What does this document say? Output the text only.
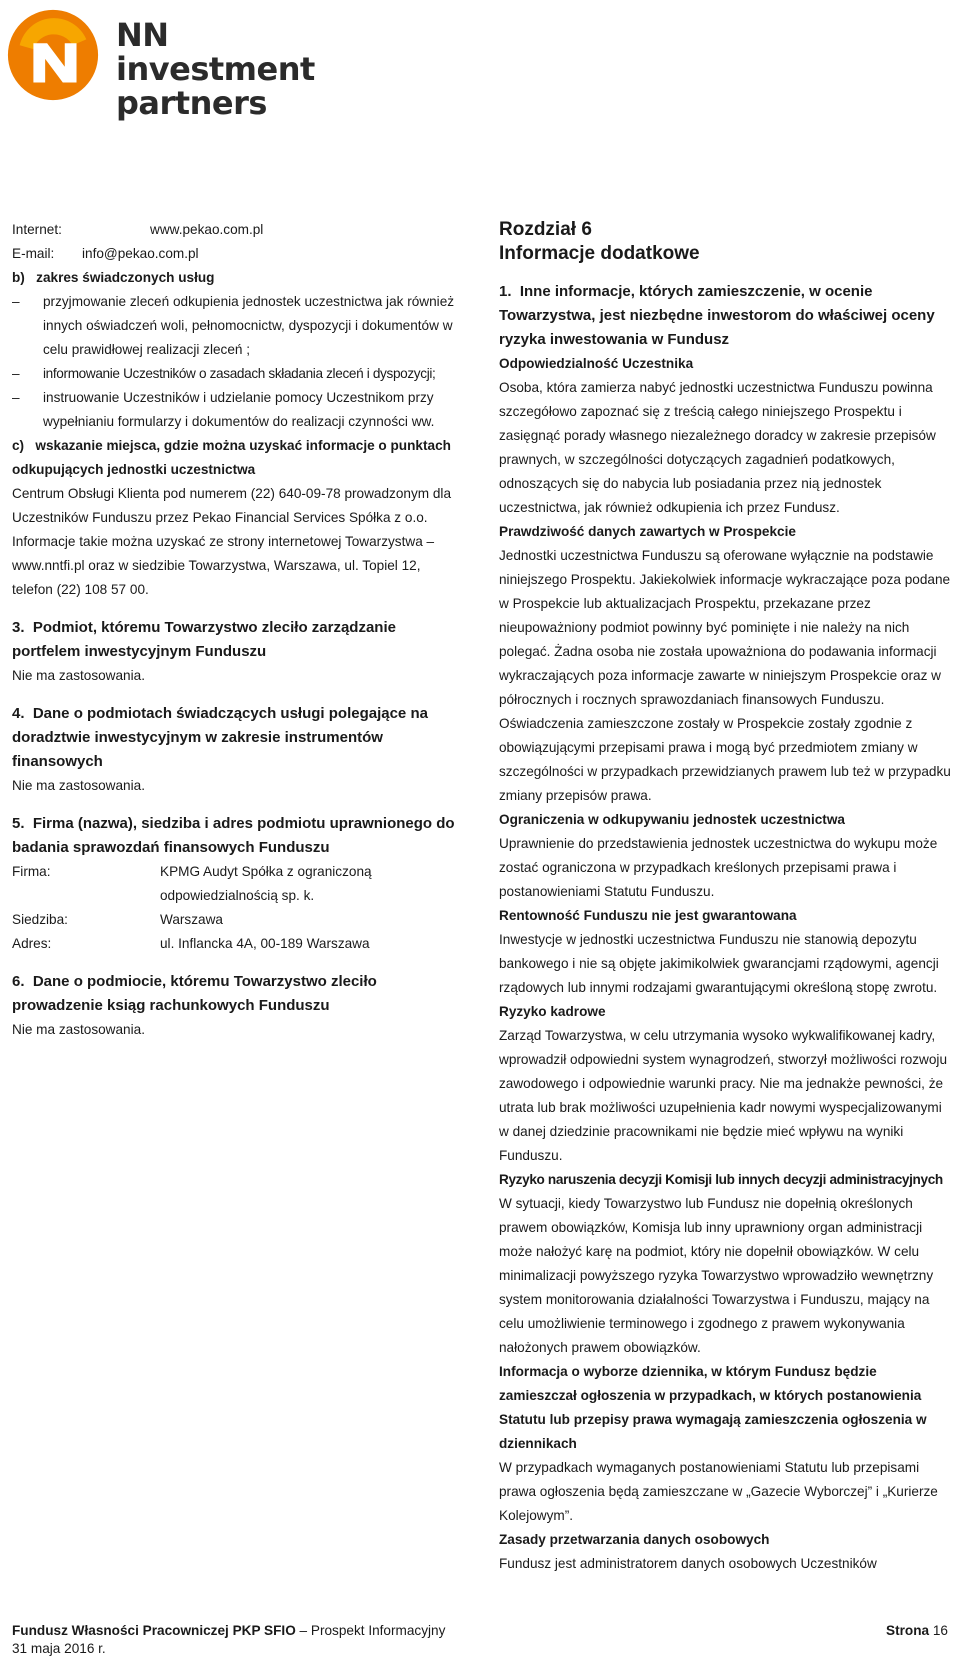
NN investment
partners
Internet:	www.pekao.com.pl
E-mail:	info@pekao.com.pl

b)   zakres świadczonych usług

–	przyjmowanie zleceń odkupienia jednostek uczestnictwa jak również innych oświadczeń woli, pełnomocnictw, dyspozycji i dokumentów w celu prawidłowej realizacji zleceń ;
–	informowanie Uczestników o zasadach składania zleceń i dyspozycji;
–	instruowanie Uczestników i udzielanie pomocy Uczestnikom przy wypełnianiu formularzy i dokumentów do realizacji czynności ww.

c)   wskazanie miejsca, gdzie można uzyskać informacje o punktach odkupujących jednostki uczestnictwa

Centrum Obsługi Klienta pod numerem (22) 640-09-78 prowadzonym dla Uczestników Funduszu przez Pekao Financial Services Spółka z o.o. Informacje takie można uzyskać ze strony internetowej Towarzystwa – www.nntfi.pl oraz w siedzibie Towarzystwa, Warszawa, ul. Topiel 12, telefon (22) 108 57 00.

3.  Podmiot, któremu Towarzystwo zleciło zarządzanie portfelem inwestycyjnym Funduszu

Nie ma zastosowania.

4.  Dane o podmiotach świadczących usługi polegające na doradztwie inwestycyjnym w zakresie instrumentów finansowych

Nie ma zastosowania.

5.  Firma (nazwa), siedziba i adres podmiotu uprawnionego do badania sprawozdań finansowych Funduszu

Firma:	KPMG Audyt Spółka z ograniczoną odpowiedzialnością sp. k.
Siedziba:	Warszawa
Adres:	ul. Inflancka 4A, 00-189 Warszawa

6.  Dane o podmiocie, któremu Towarzystwo zleciło prowadzenie ksiąg rachunkowych Funduszu

Nie ma zastosowania.

Rozdział 6

Informacje dodatkowe

1.  Inne informacje, których zamieszczenie, w ocenie Towarzystwa, jest niezbędne inwestorom do właściwej oceny ryzyka inwestowania w Fundusz

Odpowiedzialność Uczestnika

Osoba, która zamierza nabyć jednostki uczestnictwa Funduszu powinna szczegółowo zapoznać się z treścią całego niniejszego Prospektu i zasięgnąć porady własnego niezależnego doradcy w zakresie przepisów prawnych, w szczególności dotyczących zagadnień podatkowych, odnoszących się do nabycia lub posiadania przez nią jednostek uczestnictwa, jak również odkupienia ich przez Fundusz.

Prawdziwość danych zawartych w Prospekcie

Jednostki uczestnictwa Funduszu są oferowane wyłącznie na podstawie niniejszego Prospektu. Jakiekolwiek informacje wykraczające poza podane w Prospekcie lub aktualizacjach Prospektu, przekazane przez nieupoważniony podmiot powinny być pominięte i nie należy na nich polegać. Żadna osoba nie została upoważniona do podawania informacji wykraczających poza informacje zawarte w niniejszym Prospekcie oraz w półrocznych i rocznych sprawozdaniach finansowych Funduszu. Oświadczenia zamieszczone zostały w Prospekcie zostały zgodnie z obowiązującymi przepisami prawa i mogą być przedmiotem zmiany w szczególności w przypadkach przewidzianych prawem lub też w przypadku zmiany przepisów prawa.

Ograniczenia w odkupywaniu jednostek uczestnictwa

Uprawnienie do przedstawienia jednostek uczestnictwa do wykupu może zostać ograniczona w przypadkach kreślonych przepisami prawa i postanowieniami Statutu Funduszu.

Rentowność Funduszu nie jest gwarantowana

Inwestycje w jednostki uczestnictwa Funduszu nie stanowią depozytu bankowego i nie są objęte jakimikolwiek gwarancjami rządowymi, agencji rządowych lub innymi rodzajami gwarantującymi określoną stopę zwrotu.

Ryzyko kadrowe

Zarząd Towarzystwa, w celu utrzymania wysoko wykwalifikowanej kadry, wprowadził odpowiedni system wynagrodzeń, stworzył możliwości rozwoju zawodowego i odpowiednie warunki pracy. Nie ma jednakże pewności, że utrata lub brak możliwości uzupełnienia kadr nowymi wyspecjalizowanymi w danej dziedzinie pracownikami nie będzie mieć wpływu na wyniki Funduszu.

Ryzyko naruszenia decyzji Komisji lub innych decyzji administracyjnych

W sytuacji, kiedy Towarzystwo lub Fundusz nie dopełnią określonych prawem obowiązków, Komisja lub inny uprawniony organ administracji może nałożyć karę na podmiot, który nie dopełnił obowiązków. W celu minimalizacji powyższego ryzyka Towarzystwo wprowadziło wewnętrzny system monitorowania działalności Towarzystwa i Funduszu, mający na celu umożliwienie terminowego i zgodnego z prawem wykonywania nałożonych prawem obowiązków.

Informacja o wyborze dziennika, w którym Fundusz będzie zamieszczał ogłoszenia w przypadkach, w których postanowienia Statutu lub przepisy prawa wymagają zamieszczenia ogłoszenia w dziennikach

W przypadkach wymaganych postanowieniami Statutu lub przepisami prawa ogłoszenia będą zamieszczane w „Gazecie Wyborczej” i „Kurierze Kolejowym”.

Zasady przetwarzania danych osobowych

Fundusz jest administratorem danych osobowych Uczestników

Fundusz Własności Pracowniczej PKP SFIO – Prospekt Informacyjny
31 maja 2016 r.
Strona 16
